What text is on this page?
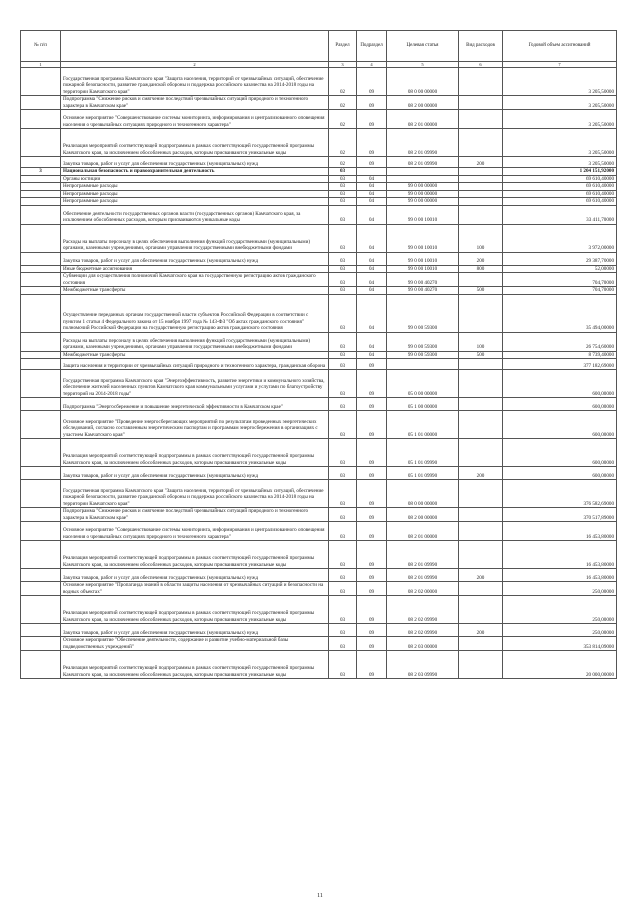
№ п/п		Раздел	Подраздел	Целевая статья	Вид расходов	Годовой объем ассигнований
1	2	3	4	5	6	7
	Государственная программа Камчатского края "Защита населения, территорий от чрезвычайных ситуаций, обеспечение пожарной безопасности, развитие гражданской обороны и поддержка российского казачества на 2014-2018 годы на территории Камчатского края"	02	09	08 0 00 00000		3 205,50000
	Подпрограмма "Снижение рисков и смягчение последствий чрезвычайных ситуаций природного и техногенного характера в Камчатском крае"	02	09	08 2 00 00000		3 205,50000
	Основное мероприятие "Совершенствование системы мониторинга, информирования и централизованного оповещения населения о чрезвычайных ситуациях природного и техногенного характера"	02	09	08 2 01 00000		3 205,50000
	Реализация мероприятий соответствующей подпрограммы в рамках соответствующей государственной программы Камчатского края, за исключением обособленных расходов, которым присваиваются уникальные коды	02	09	08 2 01 09990		3 205,50000
	Закупка товаров, работ и услуг для обеспечения государственных (муниципальных) нужд	02	09	08 2 01 09990	200	3 205,50000
3	Национальная безопасность и правоохранительная деятельность	03				1 204 151,92000
	Органы юстиции	03	04			69 610,40000
	Непрограммные расходы	03	04	99 0 00 00000		69 610,40000
	Непрограммные расходы	03	04	99 0 00 00000		69 610,40000
	Непрограммные расходы	03	04	99 0 00 00000		69 610,40000
	Обеспечение деятельности государственных органов власти (государственных органов) Камчатского края, за исключением обособленных расходов, которым присваиваются уникальные коды	03	04	99 0 00 10010		33 411,70000
	Расходы на выплаты персоналу в целях обеспечения выполнения функций государственными (муниципальными) органами, казенными учреждениями, органами управления государственными внебюджетными фондами	03	04	99 0 00 10010	100	3 972,00000
	Закупка товаров, работ и услуг для обеспечения государственных (муниципальных) нужд	03	04	99 0 00 10010	200	29 387,70000
	Иные бюджетные ассигнования	03	04	99 0 00 10010	800	52,00000
	Субвенции для осуществления полномочий Камчатского края на государственную регистрацию актов гражданского состояния	03	04	99 0 00 40270		704,70000
	Межбюджетные трансферты	03	04	99 0 00 40270	500	704,70000
	Осуществление переданных органам государственной власти субъектов Российской Федерации в соответствии с пунктом 1 статьи 4 Федерального закона от 15 ноября 1997 года № 143-ФЗ "Об актах гражданского состояния" полномочий Российской Федерации на государственную регистрацию актов гражданского состояния	03	04	99 0 00 59300		35 494,00000
	Расходы на выплаты персоналу в целях обеспечения выполнения функций государственными (муниципальными) органами, казенными учреждениями, органами управления государственными внебюджетными фондами	03	04	99 0 00 59300	100	26 754,60000
	Межбюджетные трансферты	03	04	99 0 00 59300	500	8 739,40000
	Защита населения и территории от чрезвычайных ситуаций природного и техногенного характера, гражданская оборона	03	09			377 182,69000
	Государственная программа Камчатского края "Энергоэффективность, развитие энергетики и коммунального хозяйства, обеспечение жителей населенных пунктов Камчатского края коммунальными услугами и услугами по благоустройству территорий на 2014-2018 годы"	03	09	05 0 00 00000		600,00000
	Подпрограмма "Энергосбережение и повышение энергетической эффективности в Камчатском крае"	03	09	05 1 00 00000		600,00000
	Основное мероприятие "Проведение энергосберегающих мероприятий по результатам проведенных энергетических обследований, согласно составленным энергетическим паспортам и программам энергосбережения в организациях с участием Камчатского края"	03	09	05 1 01 00000		600,00000
	Реализация мероприятий соответствующей подпрограммы в рамках соответствующей государственной программы Камчатского края, за исключением обособленных расходов, которым присваиваются уникальные коды	03	09	05 1 01 09990		600,00000
	Закупка товаров, работ и услуг для обеспечения государственных (муниципальных) нужд	03	09	05 1 01 09990	200	600,00000
	Государственная программа Камчатского края "Защита населения, территорий от чрезвычайных ситуаций, обеспечение пожарной безопасности, развитие гражданской обороны и поддержка российского казачества на 2014-2018 годы на территории Камчатского края"	03	09	08 0 00 00000		376 582,69000
	Подпрограмма "Снижение рисков и смягчение последствий чрезвычайных ситуаций природного и техногенного характера в Камчатском крае"	03	09	08 2 00 00000		370 517,89000
	Основное мероприятие "Совершенствование системы мониторинга, информирования и централизованного оповещения населения о чрезвычайных ситуациях природного и техногенного характера"	03	09	08 2 01 00000		16 453,80000
	Реализация мероприятий соответствующей подпрограммы в рамках соответствующей государственной программы Камчатского края, за исключением обособленных расходов, которым присваиваются уникальные коды	03	09	08 2 01 09990		16 453,80000
	Закупка товаров, работ и услуг для обеспечения государственных (муниципальных) нужд	03	09	08 2 01 09990	200	16 453,80000
	Основное мероприятие "Пропаганда знаний в области защиты населения от чрезвычайных ситуаций и безопасности на водных объектах"	03	09	08 2 02 00000		250,00000
	Реализация мероприятий соответствующей подпрограммы в рамках соответствующей государственной программы Камчатского края, за исключением обособленных расходов, которым присваиваются уникальные коды	03	09	08 2 02 09990		250,00000
	Закупка товаров, работ и услуг для обеспечения государственных (муниципальных) нужд	03	09	08 2 02 09990	200	250,00000
	Основное мероприятие "Обеспечение деятельности, содержание и развитие учебно-материальной базы подведомственных учреждений"	03	09	08 2 03 00000		353 814,09000
	Реализация мероприятий соответствующей подпрограммы в рамках соответствующей государственной программы Камчатского края, за исключением обособленных расходов, которым присваиваются уникальные коды	03	09	08 2 03 09990		20 000,00000
11
